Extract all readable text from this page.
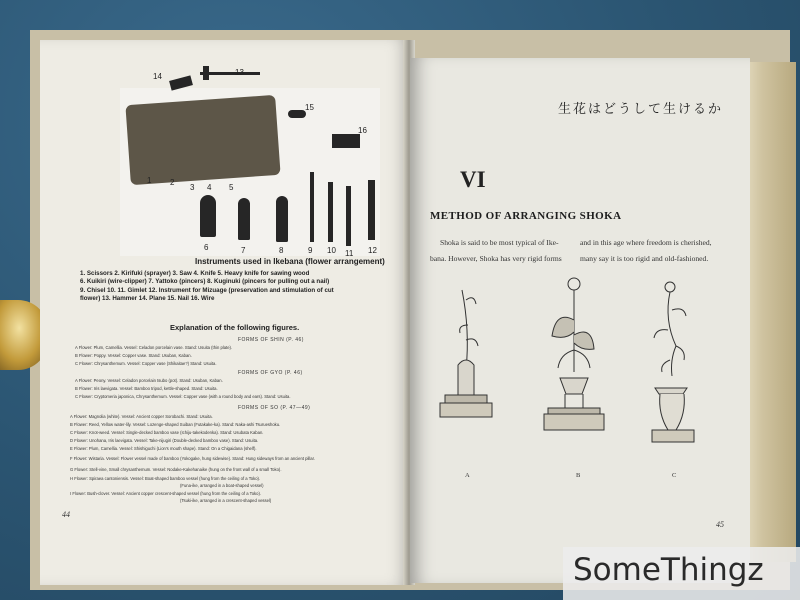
14	13
15
16
1 2
3 4 5
6	7	8	9 10 11 12
Instruments used in Ikebana (flower arrangement)
1. Scissors 2. Kirifuki (sprayer) 3. Saw 4. Knife 5. Heavy knife for sawing wood
6. Kuikiri (wire-clipper) 7. Yattoko (pincers) 8. Kuginuki (pincers for pulling out a nail)
9. Chisel 10. 11. Gimlet 12. Instrument for Mizuage (preservation and stimulation of cut
flower) 13. Hammer 14. Plane 15. Nail 16. Wire
Explanation of the following figures.
FORMS OF SHIN (P. 46)
A Flower: Plum, Camellia. Vessel: Celadon porcelain vase. Stand: Usuita (thin plate).
B Flower: Poppy. Vessel: Copper vase. Stand: Usuban, Kaban.
C Flower: Chrysanthemum. Vessel: Copper vase (Shikaitae?) Stand: Usuita.
FORMS OF GYO (P. 46)
A Flower: Peony. Vessel: Celadon porcelain tsubo (pot). Stand: Usuban, Kaban.
B Flower: Iris laevigata. Vessel: Bamboo tripod, kettle-shaped. Stand: Usuita.
C Flower: Cryptomeria japonica, Chrysanthemum. Vessel: Copper vase (with a round body and ears). Stand: Usuita.
FORMS OF SO (P. 47—49)
A Flower: Magnolia (white). Vessel: Ancient copper Sorobachi. Stand: Usuita.
B Flower: Reed, Yellow water-lily. Vessel: Lozenge-shaped Suiban (Futakake-ka). Stand: Naka-ashi Tsurueshoku.
C Flower: Knot-weed. Vessel: Single-decked bamboo vase (Ichiju-takekodenka). Stand: Usubata Kaban.
D Flower: Unohana, Iris laevigata. Vessel: Take-nijugiri (Double-decked bamboo vase). Stand: Usuita.
E Flower: Plum, Camellia. Vessel: Shishiguchi (Lion's mouth shape). Stand: On a Chigaidana (shelf).
F Flower: Wistaria. Vessel: Flower vessel made of bamboo (Yokogake, hung sidewise). Stand: Hung sideways from an ancient pillar.
G Flower: Stell-vine, Small chrysanthemum. Vessel: Nodake-Kakehanaike (hung on the front wall of a small Toko).
H Flower: Spiraea cantoniensis. Vessel: Boat-shaped bamboo vessel (hung from the ceiling of a Toko).
(Funa-ike, arranged in a boat-shaped vessel)
I Flower: Bush-clover. Vessel: Ancient copper crescent-shaped vessel (hung from the ceiling of a Toko).
(Tsuki-ike, arranged in a crescent-shaped vessel)
44
生花はどうして生けるか
VI
METHOD OF ARRANGING SHOKA
Shoka is said to be most typical of Ike-	and in this age where freedom is cherished,
bana. However, Shoka has very rigid forms many say it is too rigid and old-fashioned.
A	B	C
45
SomeThingz
